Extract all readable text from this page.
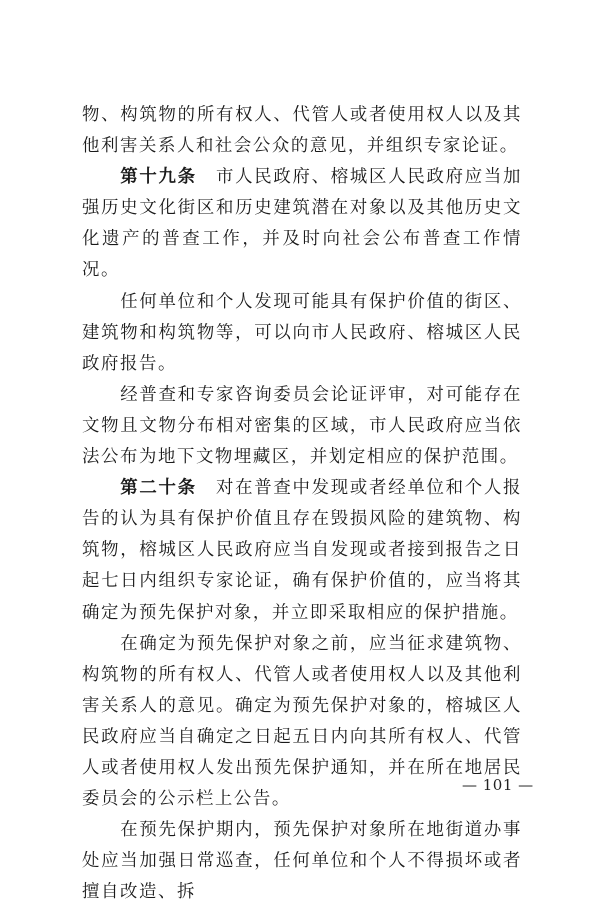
物、构筑物的所有权人、代管人或者使用权人以及其他利害关系人和社会公众的意见，并组织专家论证。

第十九条　市人民政府、榕城区人民政府应当加强历史文化街区和历史建筑潜在对象以及其他历史文化遗产的普查工作，并及时向社会公布普查工作情况。

任何单位和个人发现可能具有保护价值的街区、建筑物和构筑物等，可以向市人民政府、榕城区人民政府报告。

经普查和专家咨询委员会论证评审，对可能存在文物且文物分布相对密集的区域，市人民政府应当依法公布为地下文物埋藏区，并划定相应的保护范围。

第二十条　对在普查中发现或者经单位和个人报告的认为具有保护价值且存在毁损风险的建筑物、构筑物，榕城区人民政府应当自发现或者接到报告之日起七日内组织专家论证，确有保护价值的，应当将其确定为预先保护对象，并立即采取相应的保护措施。

在确定为预先保护对象之前，应当征求建筑物、构筑物的所有权人、代管人或者使用权人以及其他利害关系人的意见。确定为预先保护对象的，榕城区人民政府应当自确定之日起五日内向其所有权人、代管人或者使用权人发出预先保护通知，并在所在地居民委员会的公示栏上公告。

在预先保护期内，预先保护对象所在地街道办事处应当加强日常巡查，任何单位和个人不得损坏或者擅自改造、拆

— 101 —
